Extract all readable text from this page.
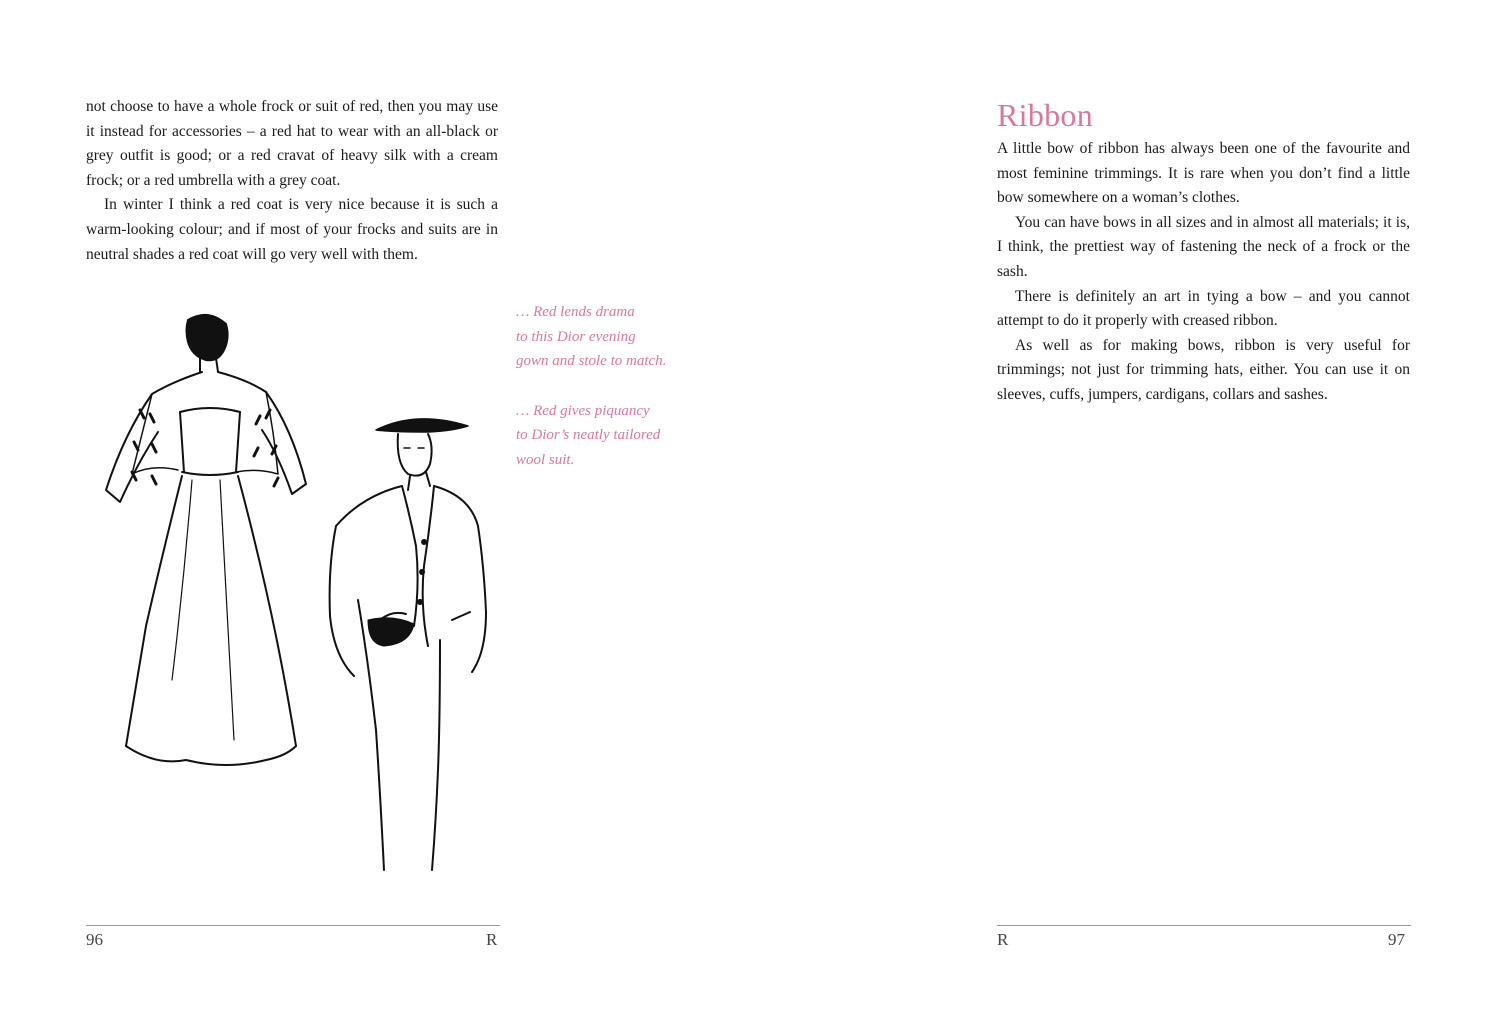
not choose to have a whole frock or suit of red, then you may use it instead for accessories – a red hat to wear with an all-black or grey outfit is good; or a red cravat of heavy silk with a cream frock; or a red umbrella with a grey coat.

In winter I think a red coat is very nice because it is such a warm-looking colour; and if most of your frocks and suits are in neutral shades a red coat will go very well with them.

… Red lends drama
to this Dior evening
gown and stole to match.
… Red gives piquancy
to Dior’s neatly tailored
wool suit.
96	R
Ribbon

A little bow of ribbon has always been one of the favourite and most feminine trimmings. It is rare when you don’t find a little bow somewhere on a woman’s clothes.

You can have bows in all sizes and in almost all materials; it is, I think, the prettiest way of fastening the neck of a frock or the sash.

There is definitely an art in tying a bow – and you cannot attempt to do it properly with creased ribbon.

As well as for making bows, ribbon is very useful for trimmings; not just for trimming hats, either. You can use it on sleeves, cuffs, jumpers, cardigans, collars and sashes.

R	97
